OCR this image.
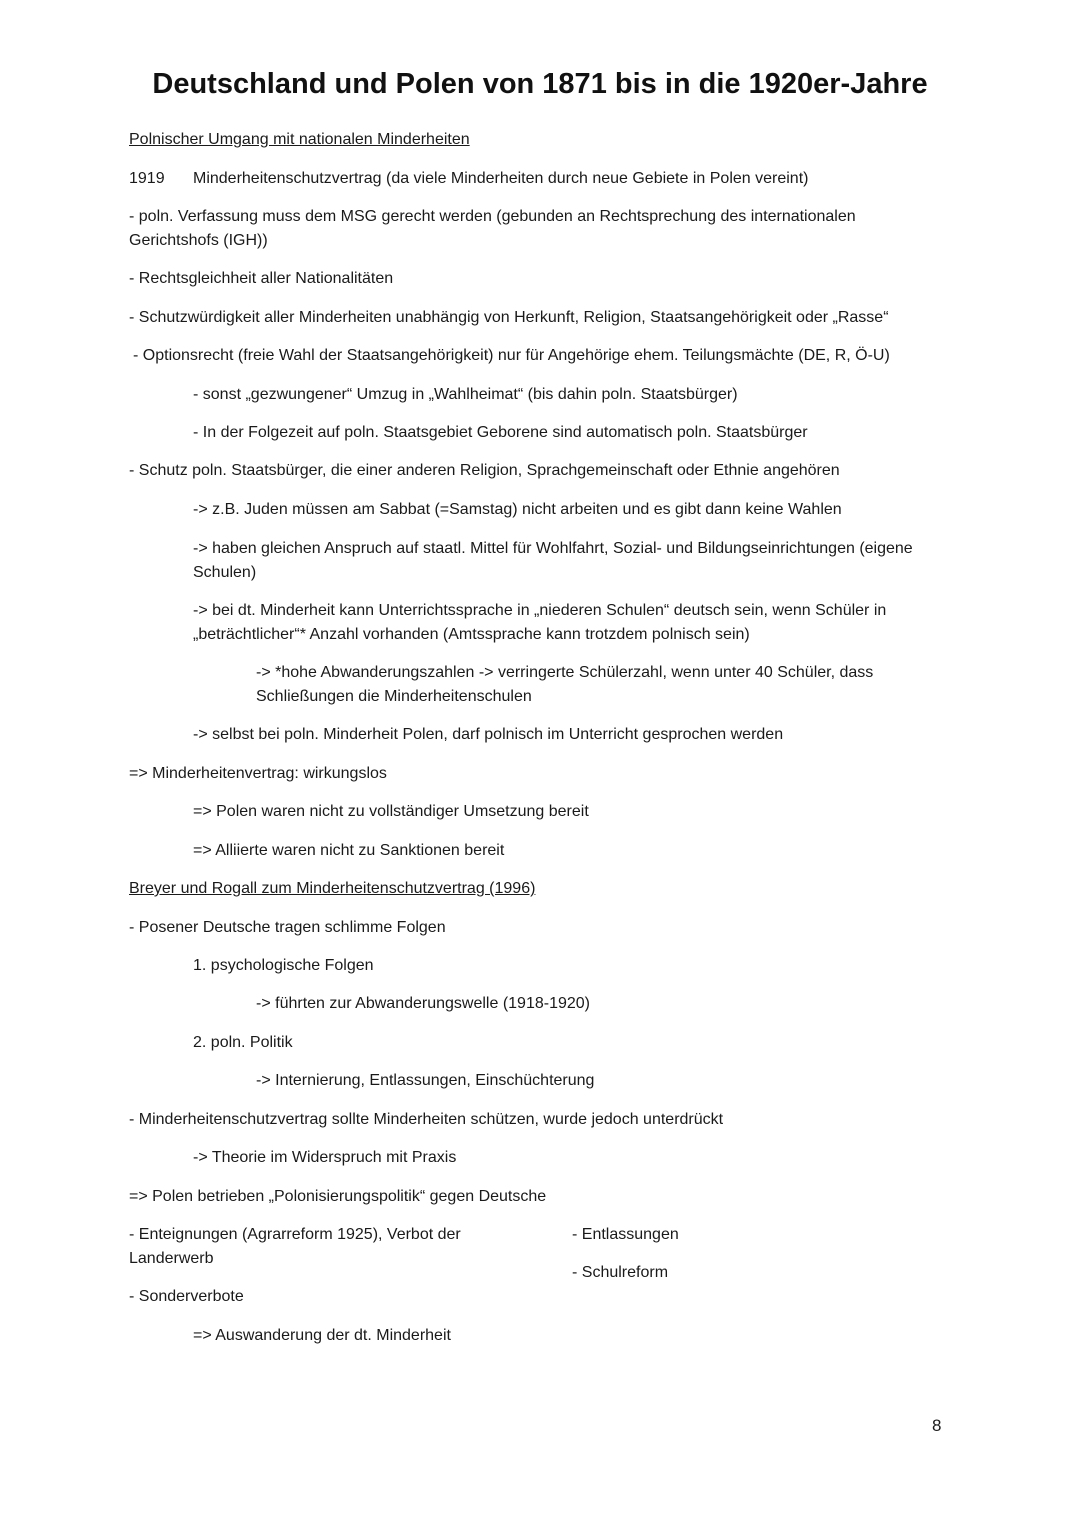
Deutschland und Polen von 1871 bis in die 1920er-Jahre
Polnischer Umgang mit nationalen Minderheiten
1919 Minderheitenschutzvertrag (da viele Minderheiten durch neue Gebiete in Polen vereint)
- poln. Verfassung muss dem MSG gerecht werden (gebunden an Rechtsprechung des internationalen Gerichtshofs (IGH))
- Rechtsgleichheit aller Nationalitäten
- Schutzwürdigkeit aller Minderheiten unabhängig von Herkunft, Religion, Staatsangehörigkeit oder „Rasse“
- Optionsrecht (freie Wahl der Staatsangehörigkeit) nur für Angehörige ehem. Teilungsmächte (DE, R, Ö-U)
- sonst „gezwungener“ Umzug in „Wahlheimat“ (bis dahin poln. Staatsbürger)
- In der Folgezeit auf poln. Staatsgebiet Geborene sind automatisch poln. Staatsbürger
- Schutz poln. Staatsbürger, die einer anderen Religion, Sprachgemeinschaft oder Ethnie angehören
-> z.B. Juden müssen am Sabbat (=Samstag) nicht arbeiten und es gibt dann keine Wahlen
-> haben gleichen Anspruch auf staatl. Mittel für Wohlfahrt, Sozial- und Bildungseinrichtungen (eigene Schulen)
-> bei dt. Minderheit kann Unterrichtssprache in „niederen Schulen“ deutsch sein, wenn Schüler in „beträchtlicher“* Anzahl vorhanden (Amtssprache kann trotzdem polnisch sein)
-> *hohe Abwanderungszahlen -> verringerte Schülerzahl, wenn unter 40 Schüler, dass Schließungen die Minderheitenschulen
-> selbst bei poln. Minderheit Polen, darf polnisch im Unterricht gesprochen werden
=> Minderheitenvertrag: wirkungslos
=> Polen waren nicht zu vollständiger Umsetzung bereit
=> Alliierte waren nicht zu Sanktionen bereit
Breyer und Rogall zum Minderheitenschutzvertrag (1996)
- Posener Deutsche tragen schlimme Folgen
1. psychologische Folgen
-> führten zur Abwanderungswelle (1918-1920)
2. poln. Politik
-> Internierung, Entlassungen, Einschüchterung
- Minderheitenschutzvertrag sollte Minderheiten schützen, wurde jedoch unterdrückt
-> Theorie im Widerspruch mit Praxis
=> Polen betrieben „Polonisierungspolitik“ gegen Deutsche
- Enteignungen (Agrarreform 1925), Verbot der Landerwerb
- Entlassungen
- Schulreform
- Sonderverbote
=> Auswanderung der dt. Minderheit
8
